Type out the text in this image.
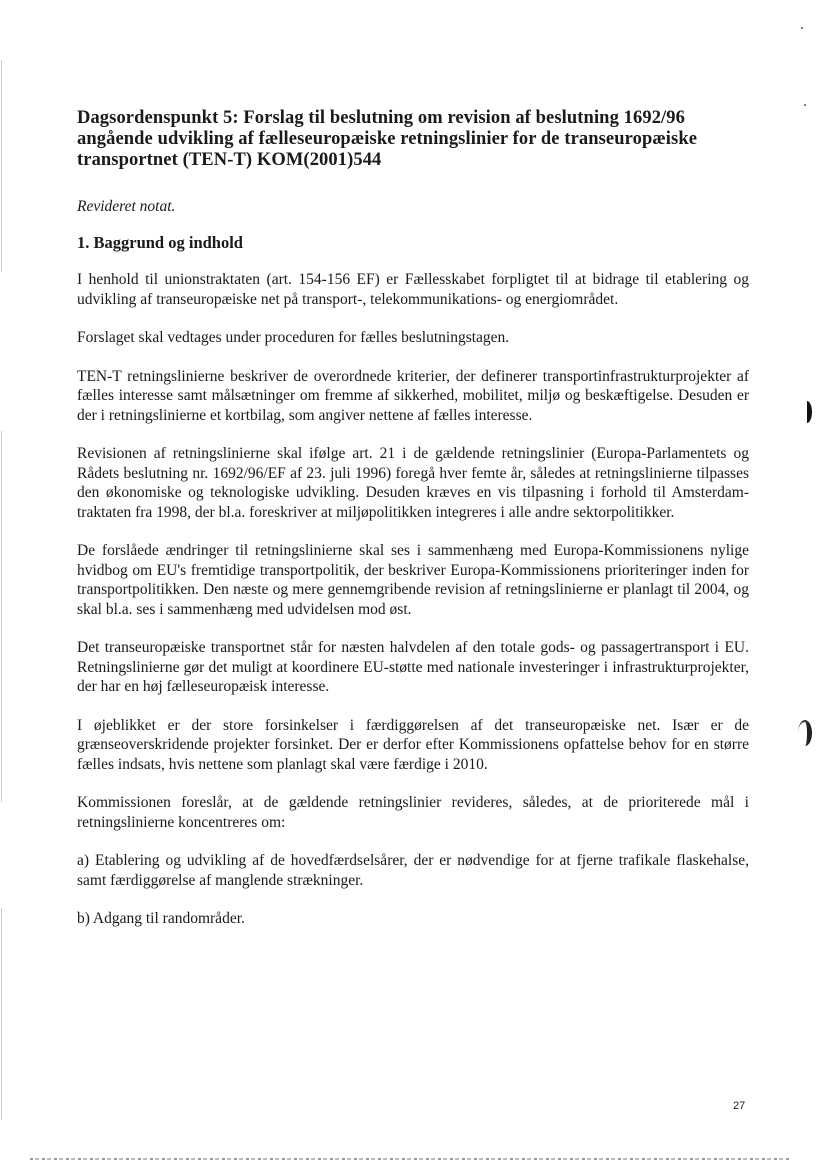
Dagsordenspunkt 5: Forslag til beslutning om revision af beslutning 1692/96 angående udvikling af fælleseuropæiske retningslinier for de transeuropæiske transportnet (TEN-T) KOM(2001)544

Revideret notat.

1. Baggrund og indhold

I henhold til unionstraktaten (art. 154-156 EF) er Fællesskabet forpligtet til at bidrage til etablering og udvikling af transeuropæiske net på transport-, telekommunikations- og energiområdet.

Forslaget skal vedtages under proceduren for fælles beslutningstagen.

TEN-T retningslinierne beskriver de overordnede kriterier, der definerer transportinfrastrukturprojekter af fælles interesse samt målsætninger om fremme af sikkerhed, mobilitet, miljø og beskæftigelse. Desuden er der i retningslinierne et kortbilag, som angiver nettene af fælles interesse.

Revisionen af retningslinierne skal ifølge art. 21 i de gældende retningslinier (Europa-Parlamentets og Rådets beslutning nr. 1692/96/EF af 23. juli 1996) foregå hver femte år, således at retningslinierne tilpasses den økonomiske og teknologiske udvikling. Desuden kræves en vis tilpasning i forhold til Amsterdam-traktaten fra 1998, der bl.a. foreskriver at miljøpolitikken integreres i alle andre sektorpolitikker.

De forslåede ændringer til retningslinierne skal ses i sammenhæng med Europa-Kommissionens nylige hvidbog om EU's fremtidige transportpolitik, der beskriver Europa-Kommissionens prioriteringer inden for transportpolitikken. Den næste og mere gennemgribende revision af retningslinierne er planlagt til 2004, og skal bl.a. ses i sammenhæng med udvidelsen mod øst.

Det transeuropæiske transportnet står for næsten halvdelen af den totale gods- og passagertransport i EU. Retningslinierne gør det muligt at koordinere EU-støtte med nationale investeringer i infrastrukturprojekter, der har en høj fælleseuropæisk interesse.

I øjeblikket er der store forsinkelser i færdiggørelsen af det transeuropæiske net. Især er de grænseoverskridende projekter forsinket. Der er derfor efter Kommissionens opfattelse behov for en større fælles indsats, hvis nettene som planlagt skal være færdige i 2010.

Kommissionen foreslår, at de gældende retningslinier revideres, således, at de prioriterede mål i retningslinierne koncentreres om:

a) Etablering og udvikling af de hovedfærdselsårer, der er nødvendige for at fjerne trafikale flaskehalse, samt færdiggørelse af manglende strækninger.

b) Adgang til randområder.

27
